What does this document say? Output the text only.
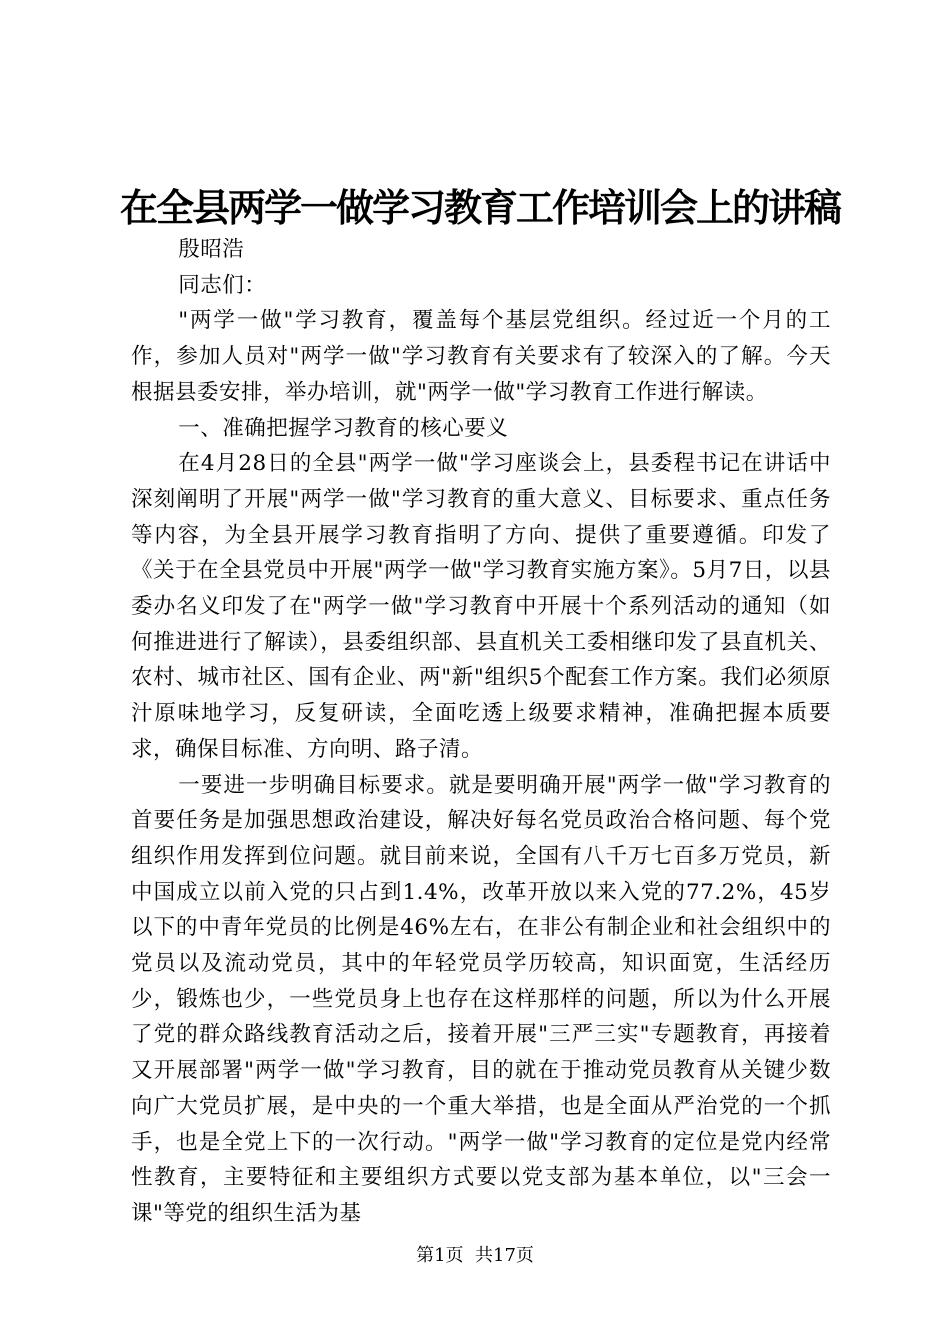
在全县两学一做学习教育工作培训会上的讲稿

殷昭浩

同志们：

"两学一做"学习教育，覆盖每个基层党组织。经过近一个月的工作，参加人员对"两学一做"学习教育有关要求有了较深入的了解。今天根据县委安排，举办培训，就"两学一做"学习教育工作进行解读。

一、准确把握学习教育的核心要义

在4月28日的全县"两学一做"学习座谈会上，县委程书记在讲话中深刻阐明了开展"两学一做"学习教育的重大意义、目标要求、重点任务等内容，为全县开展学习教育指明了方向、提供了重要遵循。印发了《关于在全县党员中开展"两学一做"学习教育实施方案》。5月7日，以县委办名义印发了在"两学一做"学习教育中开展十个系列活动的通知（如何推进进行了解读），县委组织部、县直机关工委相继印发了县直机关、农村、城市社区、国有企业、两"新"组织5个配套工作方案。我们必须原汁原味地学习，反复研读，全面吃透上级要求精神，准确把握本质要求，确保目标准、方向明、路子清。

一要进一步明确目标要求。就是要明确开展"两学一做"学习教育的首要任务是加强思想政治建设，解决好每名党员政治合格问题、每个党组织作用发挥到位问题。就目前来说，全国有八千万七百多万党员，新中国成立以前入党的只占到1.4%，改革开放以来入党的77.2%，45岁以下的中青年党员的比例是46%左右，在非公有制企业和社会组织中的党员以及流动党员，其中的年轻党员学历较高，知识面宽，生活经历少，锻炼也少，一些党员身上也存在这样那样的问题，所以为什么开展了党的群众路线教育活动之后，接着开展"三严三实"专题教育，再接着又开展部署"两学一做"学习教育，目的就在于推动党员教育从关键少数向广大党员扩展，是中央的一个重大举措，也是全面从严治党的一个抓手，也是全党上下的一次行动。"两学一做"学习教育的定位是党内经常性教育，主要特征和主要组织方式要以党支部为基本单位，以"三会一课"等党的组织生活为基

第1页 共17页
